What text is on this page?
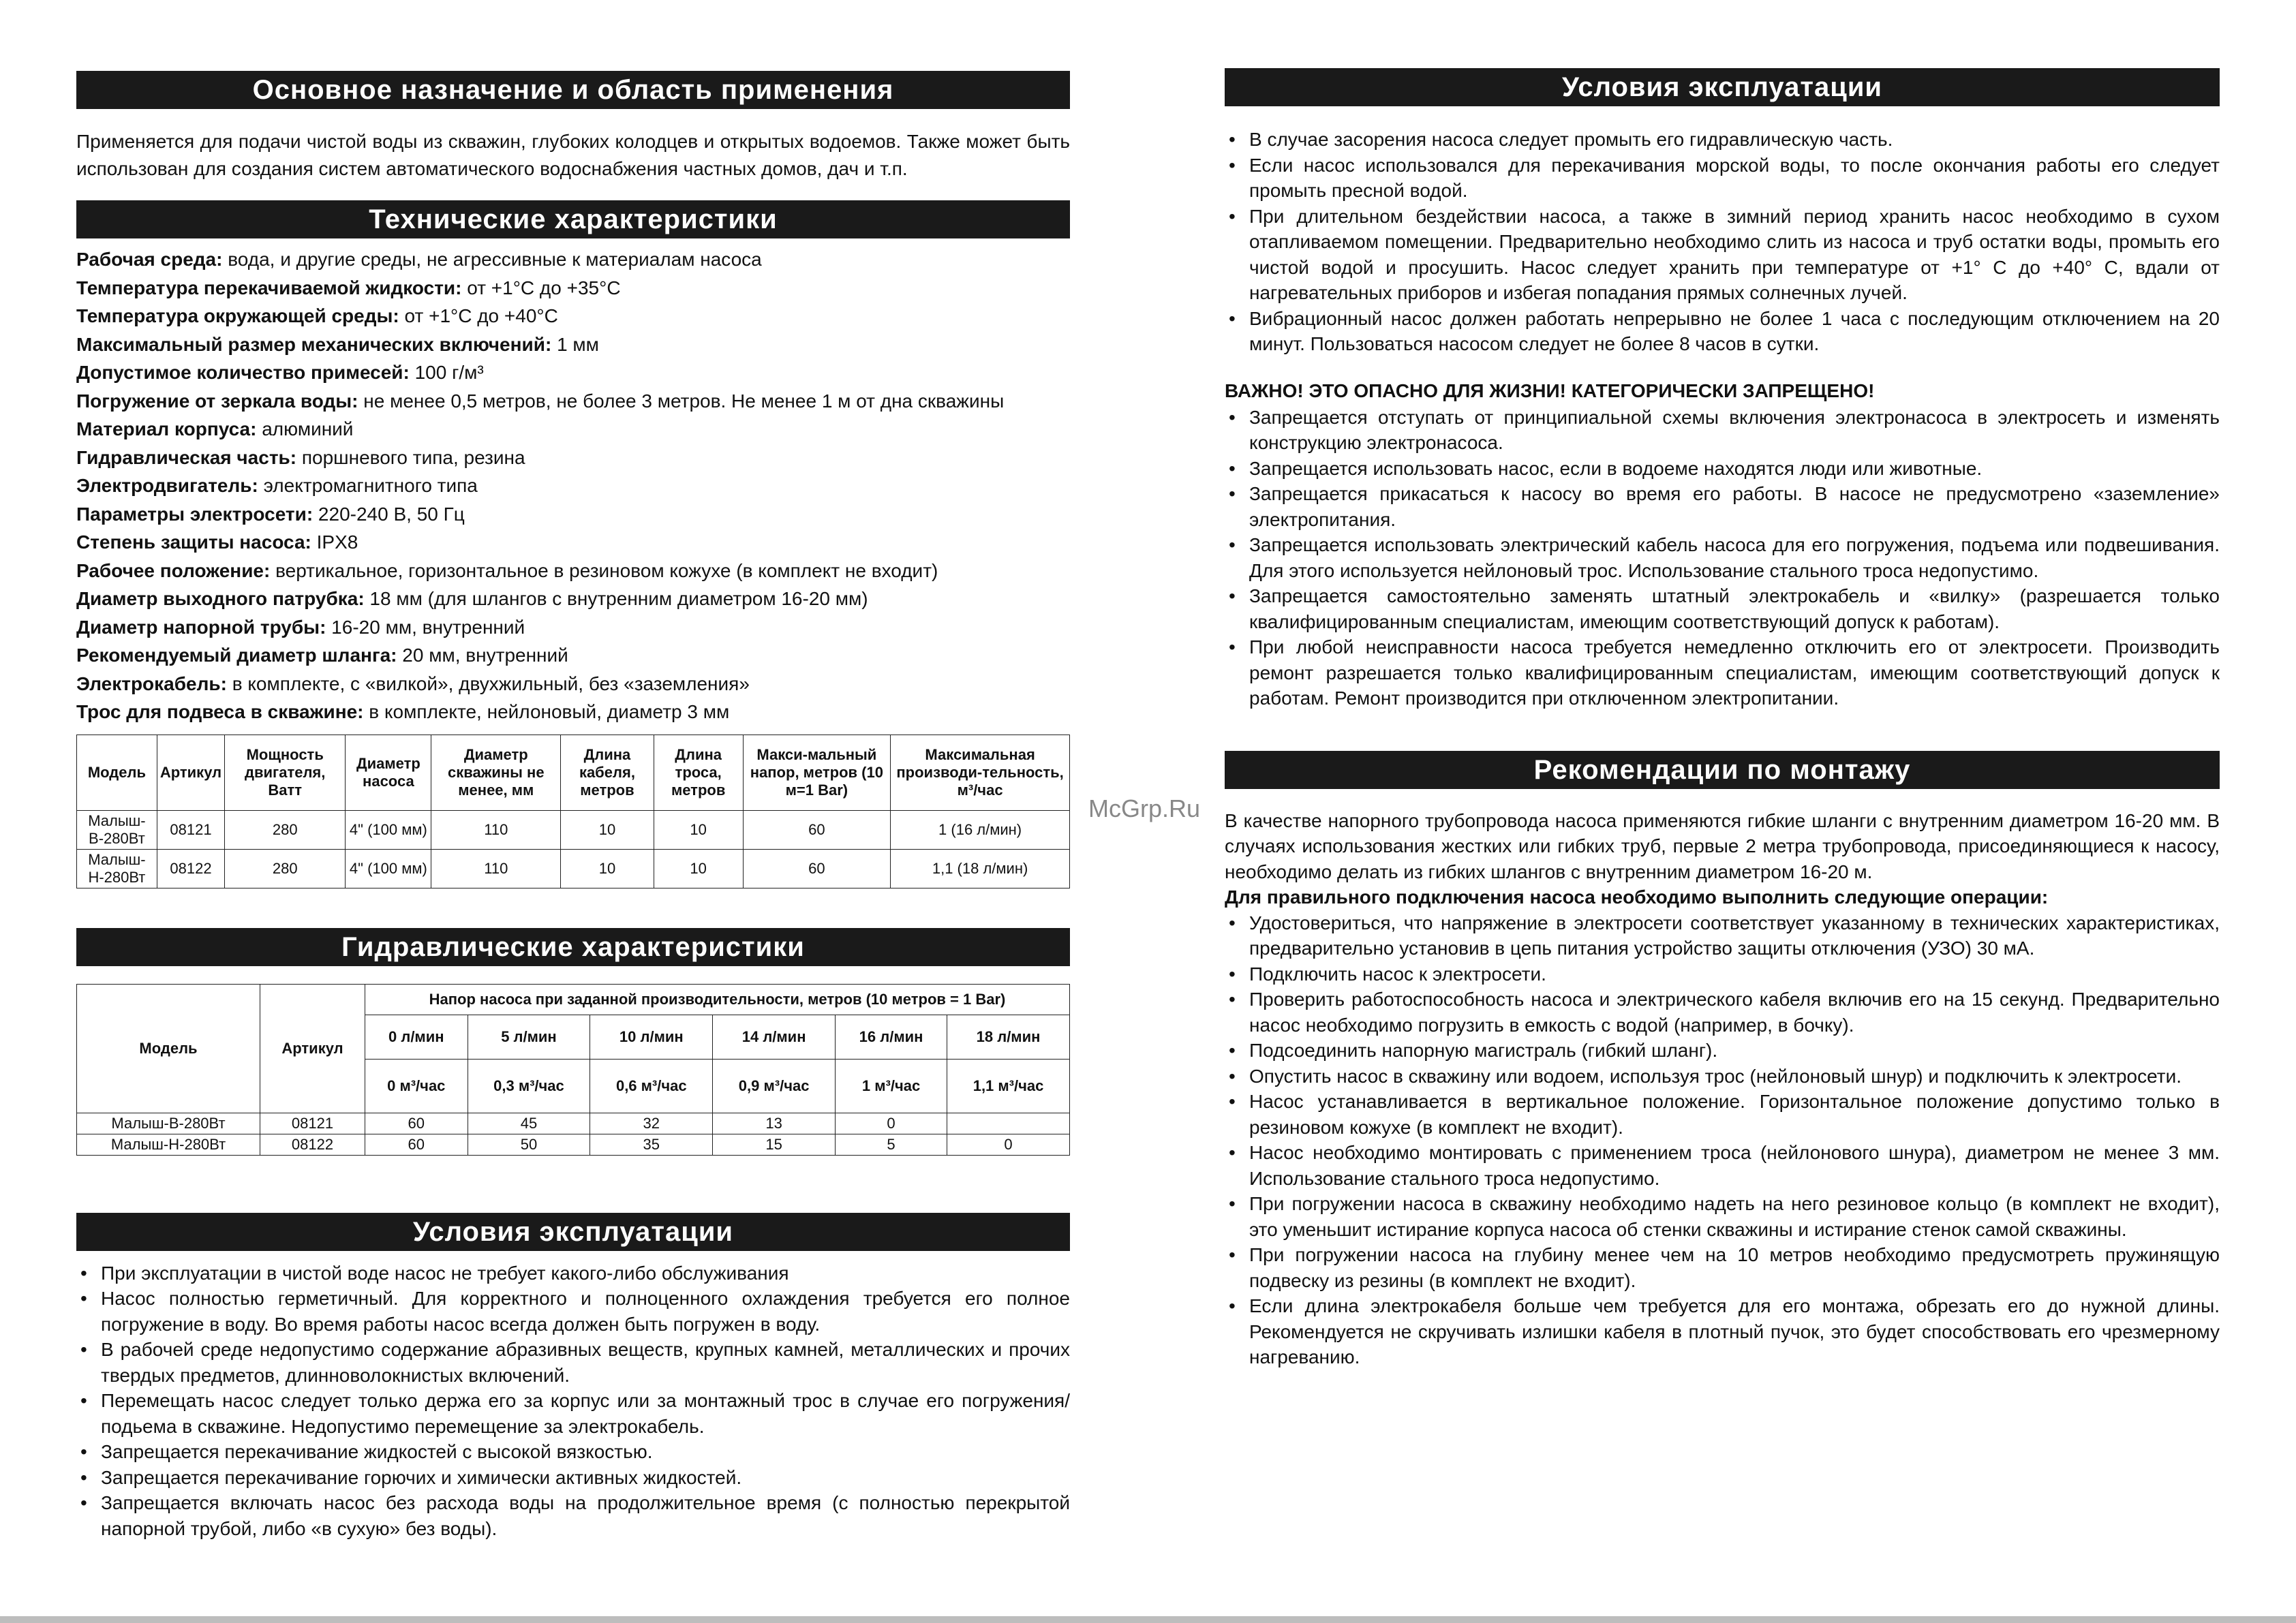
Основное назначение и область применения

Применяется для подачи чистой воды из скважин, глубоких колодцев и открытых водоемов. Также может быть использован для создания систем автоматического водоснабжения частных домов, дач и т.п.

Технические характеристики
Рабочая среда: вода, и другие среды, не агрессивные к материалам насоса
Температура перекачиваемой жидкости: от +1°С до +35°С
Температура окружающей среды: от +1°С до +40°С
Максимальный размер механических включений: 1 мм
Допустимое количество примесей: 100 г/м³
Погружение от зеркала воды: не менее 0,5 метров, не более 3 метров. Не менее 1 м от дна скважины
Материал корпуса: алюминий
Гидравлическая часть: поршневого типа, резина
Электродвигатель: электромагнитного типа
Параметры электросети: 220-240 В, 50 Гц
Степень защиты насоса: IPX8
Рабочее положение: вертикальное, горизонтальное в резиновом кожухе (в комплект не входит)
Диаметр выходного патрубка: 18 мм (для шлангов с внутренним диаметром 16-20 мм)
Диаметр напорной трубы: 16-20 мм, внутренний
Рекомендуемый диаметр шланга: 20 мм, внутренний
Электрокабель: в комплекте, с «вилкой», двухжильный, без «заземления»
Трос для подвеса в скважине: в комплекте, нейлоновый, диаметр 3 мм
Модель	Артикул	Мощность двигателя, Ватт	Диаметр насоса	Диаметр скважины не менее, мм	Длина кабеля, метров	Длина троса, метров	Макси-мальный напор, метров (10 м=1 Bar)	Максимальная производи-тельность, м³/час
Малыш-В-280Вт	08121	280	4" (100 мм)	110	10	10	60	1 (16 л/мин)
Малыш-Н-280Вт	08122	280	4" (100 мм)	110	10	10	60	1,1 (18 л/мин)
Гидравлические характеристики
Модель	Артикул	Напор насоса при заданной производительности, метров (10 метров = 1 Bar)					
		0 л/мин	5 л/мин	10 л/мин	14 л/мин	16 л/мин	18 л/мин
		0 м³/час	0,3 м³/час	0,6 м³/час	0,9 м³/час	1 м³/час	1,1 м³/час
Малыш-В-280Вт	08121	60	45	32	13	0	
Малыш-Н-280Вт	08122	60	50	35	15	5	0
Условия эксплуатации
• При эксплуатации в чистой воде насос не требует какого-либо обслуживания
• Насос полностью герметичный. Для корректного и полноценного охлаждения требуется его полное погружение в воду. Во время работы насос всегда должен быть погружен в воду.
• В рабочей среде недопустимо содержание абразивных веществ, крупных камней, металлических и прочих твердых предметов, длинноволокнистых включений.
• Перемещать насос следует только держа его за корпус или за монтажный трос в случае его погружения/подьема в скважине. Недопустимо перемещение за электрокабель.
• Запрещается перекачивание жидкостей с высокой вязкостью.
• Запрещается перекачивание горючих и химически активных жидкостей.
• Запрещается включать насос без расхода воды на продолжительное время (с полностью перекрытой напорной трубой, либо «в сухую» без воды).
Условия эксплуатации
• В случае засорения насоса следует промыть его гидравлическую часть.
• Если насос использовался для перекачивания морской воды, то после окончания работы его следует промыть пресной водой.
• При длительном бездействии насоса, а также в зимний период хранить насос необходимо в сухом отапливаемом помещении. Предварительно необходимо слить из насоса и труб остатки воды, промыть его чистой водой и просушить. Насос следует хранить при температуре от +1° С до +40° С, вдали от нагревательных приборов и избегая попадания прямых солнечных лучей.
• Вибрационный насос должен работать непрерывно не более 1 часа с последующим отключением на 20 минут. Пользоваться насосом следует не более 8 часов в сутки.

ВАЖНО! ЭТО ОПАСНО ДЛЯ ЖИЗНИ! КАТЕГОРИЧЕСКИ ЗАПРЕЩЕНО!

• Запрещается отступать от принципиальной схемы включения электронасоса в электросеть и изменять конструкцию электронасоса.
• Запрещается использовать насос, если в водоеме находятся люди или животные.
• Запрещается прикасаться к насосу во время его работы. В насосе не предусмотрено «заземление» электропитания.
• Запрещается использовать электрический кабель насоса для его погружения, подъема или подвешивания. Для этого используется нейлоновый трос. Использование стального троса недопустимо.
• Запрещается самостоятельно заменять штатный электрокабель и «вилку» (разрешается только квалифицированным специалистам, имеющим соответствующий допуск к работам).
• При любой неисправности насоса требуется немедленно отключить его от электросети. Производить ремонт разрешается только квалифицированным специалистам, имеющим соответствующий допуск к работам. Ремонт производится при отключенном электропитании.
Рекомендации по монтажу

В качестве напорного трубопровода насоса применяются гибкие шланги с внутренним диаметром 16-20 мм. В случаях использования жестких или гибких труб, первые 2 метра трубопровода, присоединяющиеся к насосу, необходимо делать из гибких шлангов с внутренним диаметром 16-20 м.

Для правильного подключения насоса необходимо выполнить следующие операции:

• Удостовериться, что напряжение в электросети соответствует указанному в технических характеристиках, предварительно установив в цепь питания устройство защиты отключения (УЗО) 30 мА.
• Подключить насос к электросети.
• Проверить работоспособность насоса и электрического кабеля включив его на 15 секунд. Предварительно насос необходимо погрузить в емкость с водой (например, в бочку).
• Подсоединить напорную магистраль (гибкий шланг).
• Опустить насос в скважину или водоем, используя трос (нейлоновый шнур) и подключить к электросети.
• Насос устанавливается в вертикальное положение. Горизонтальное положение допустимо только в резиновом кожухе (в комплект не входит).
• Насос необходимо монтировать с применением троса (нейлонового шнура), диаметром не менее 3 мм. Использование стального троса недопустимо.
• При погружении насоса в скважину необходимо надеть на него резиновое кольцо (в комплект не входит), это уменьшит истирание корпуса насоса об стенки скважины и истирание стенок самой скважины.
• При погружении насоса на глубину менее чем на 10 метров необходимо предусмотреть пружинящую подвеску из резины (в комплект не входит).
• Если длина электрокабеля больше чем требуется для его монтажа, обрезать его до нужной длины. Рекомендуется не скручивать излишки кабеля в плотный пучок, это будет способствовать его чрезмерному нагреванию.
McGrp.Ru
